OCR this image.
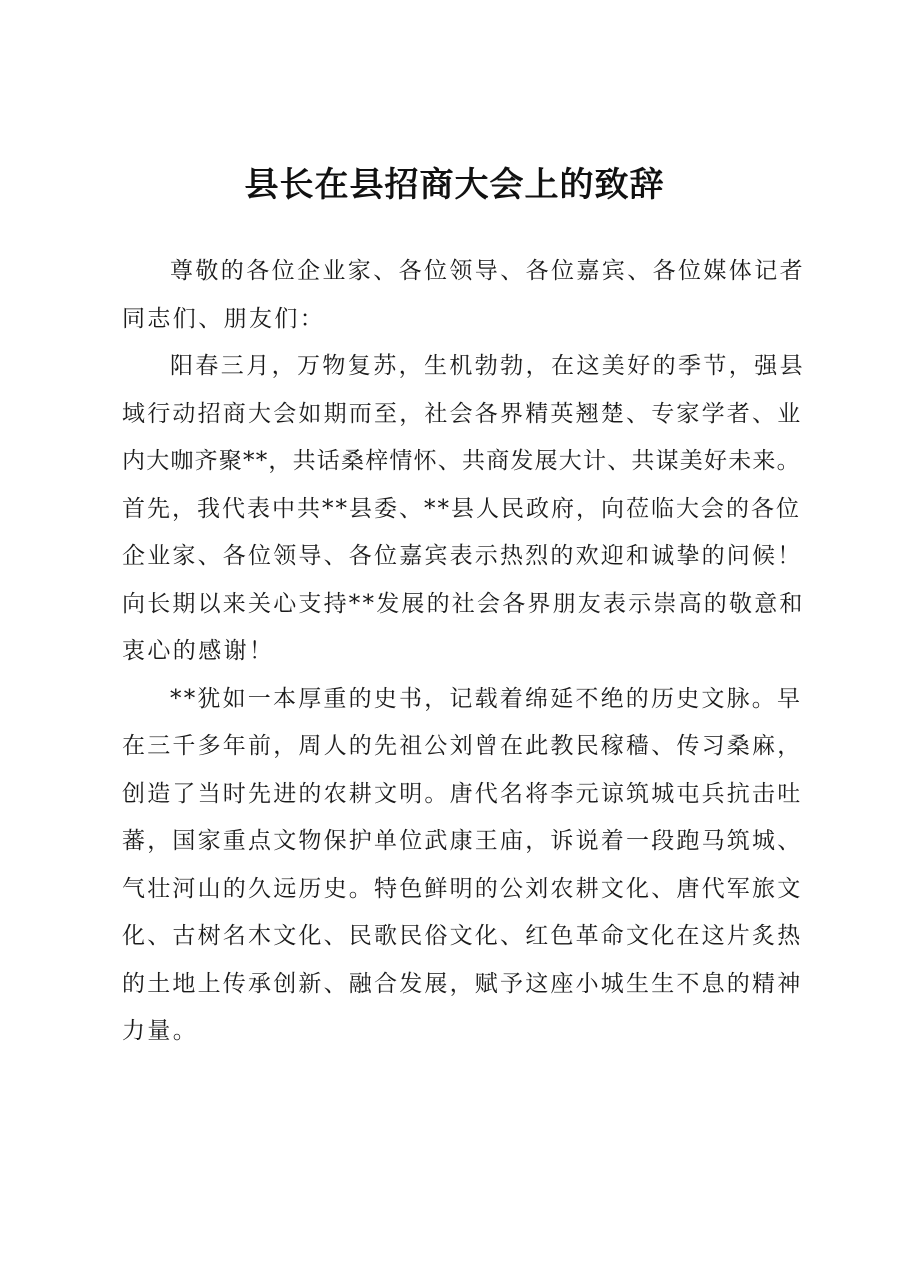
县长在县招商大会上的致辞
尊敬的各位企业家、各位领导、各位嘉宾、各位媒体记者
同志们、朋友们：
阳春三月，万物复苏，生机勃勃，在这美好的季节，强县
域行动招商大会如期而至，社会各界精英翘楚、专家学者、业
内大咖齐聚**，共话桑梓情怀、共商发展大计、共谋美好未来。
首先，我代表中共**县委、**县人民政府，向莅临大会的各位
企业家、各位领导、各位嘉宾表示热烈的欢迎和诚挚的问候！
向长期以来关心支持**发展的社会各界朋友表示崇高的敬意和
衷心的感谢！
**犹如一本厚重的史书，记载着绵延不绝的历史文脉。早
在三千多年前，周人的先祖公刘曾在此教民稼穑、传习桑麻，
创造了当时先进的农耕文明。唐代名将李元谅筑城屯兵抗击吐
蕃，国家重点文物保护单位武康王庙，诉说着一段跑马筑城、
气壮河山的久远历史。特色鲜明的公刘农耕文化、唐代军旅文
化、古树名木文化、民歌民俗文化、红色革命文化在这片炙热
的土地上传承创新、融合发展，赋予这座小城生生不息的精神
力量。
